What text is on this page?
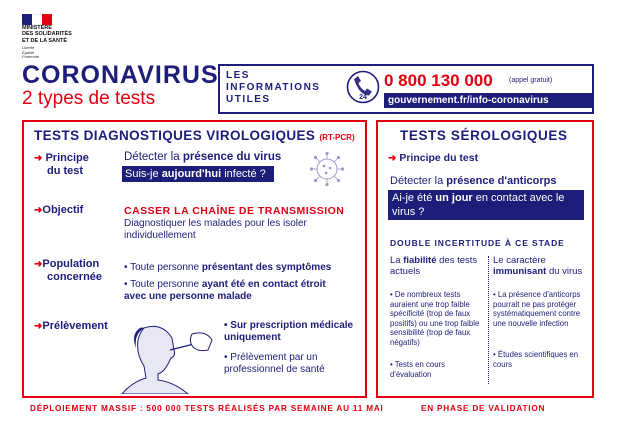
MINISTÈRE
DES SOLIDARITÉS
ET DE LA SANTÉ
Liberté
Égalité
Fraternité
CORONAVIRUS
2 types de tests
LES
INFORMATIONS
UTILES	24
0 800 130 000 (appel gratuit)
gouvernement.fr/info-coronavirus
TESTS DIAGNOSTIQUES VIROLOGIQUES (RT-PCR)
➜ Principe
du test
Détecter la présence du virus
Suis-je aujourd'hui infecté ?
➜Objectif	CASSER LA CHAÎNE DE TRANSMISSION
Diagnostiquer les malades pour les isoler individuellement
➜Population
concernée
• Toute personne présentant des symptômes
• Toute personne ayant été en contact étroit avec une personne malade
➜Prélèvement	• Sur prescription médicale uniquement
• Prélèvement par un professionnel de santé
TESTS SÉROLOGIQUES
➜ Principe du test
Détecter la présence d'anticorps
Ai-je été un jour en contact avec le virus ?
DOUBLE INCERTITUDE À CE STADE
La fiabilité des tests actuels
• De nombreux tests auraient une trop faible spécificité (trop de faux positifs) ou une trop faible sensibilité (trop de faux négatifs)
• Tests en cours d'évaluation
Le caractère immunisant du virus
• La présence d'anticorps pourrait ne pas protéger systématiquement contre une nouvelle infection
• Études scientifiques en cours
DÉPLOIEMENT MASSIF : 500 000 TESTS RÉALISÉS PAR SEMAINE AU 11 MAI	EN PHASE DE VALIDATION
